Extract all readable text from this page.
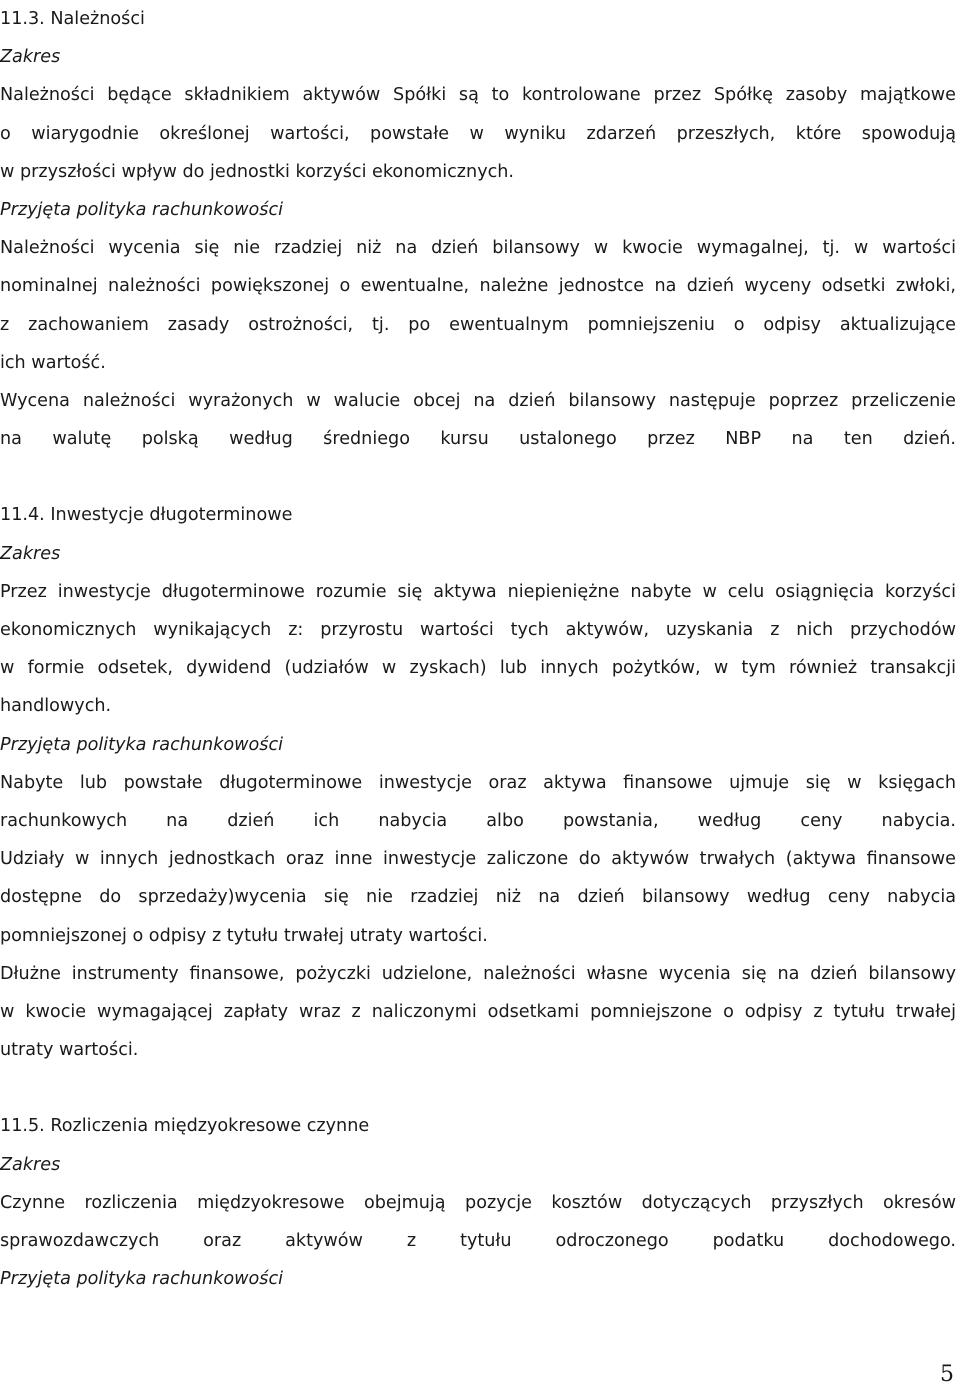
11.3. Należności

Zakres

Należności będące składnikiem aktywów Spółki są to kontrolowane przez Spółkę zasoby majątkowe

o wiarygodnie określonej wartości, powstałe w wyniku zdarzeń przeszłych, które spowodują

w przyszłości wpływ do jednostki korzyści ekonomicznych.

Przyjęta polityka rachunkowości

Należności wycenia się nie rzadziej niż na dzień bilansowy w kwocie wymagalnej, tj. w wartości

nominalnej należności powiększonej o ewentualne, należne jednostce na dzień wyceny odsetki zwłoki,

z zachowaniem zasady ostrożności, tj. po ewentualnym pomniejszeniu o odpisy aktualizujące

ich wartość.

Wycena należności wyrażonych w walucie obcej na dzień bilansowy następuje poprzez przeliczenie

na walutę polską według średniego kursu ustalonego przez NBP na ten dzień.

11.4. Inwestycje długoterminowe

Zakres

Przez inwestycje długoterminowe rozumie się aktywa niepieniężne nabyte w celu osiągnięcia korzyści

ekonomicznych wynikających z: przyrostu wartości tych aktywów, uzyskania z nich przychodów

w formie odsetek, dywidend (udziałów w zyskach) lub innych pożytków, w tym również transakcji

handlowych.

Przyjęta polityka rachunkowości

Nabyte lub powstałe długoterminowe inwestycje oraz aktywa finansowe ujmuje się w księgach

rachunkowych na dzień ich nabycia albo powstania, według ceny nabycia.

Udziały w innych jednostkach oraz inne inwestycje zaliczone do aktywów trwałych (aktywa finansowe

dostępne do sprzedaży)wycenia się nie rzadziej niż na dzień bilansowy według ceny nabycia

pomniejszonej o odpisy z tytułu trwałej utraty wartości.

Dłużne instrumenty finansowe, pożyczki udzielone, należności własne wycenia się na dzień bilansowy

w kwocie wymagającej zapłaty wraz z naliczonymi odsetkami pomniejszone o odpisy z tytułu trwałej

utraty wartości.

11.5. Rozliczenia międzyokresowe czynne

Zakres

Czynne rozliczenia międzyokresowe obejmują pozycje kosztów dotyczących przyszłych okresów

sprawozdawczych oraz aktywów z tytułu odroczonego podatku dochodowego.

Przyjęta polityka rachunkowości

5
